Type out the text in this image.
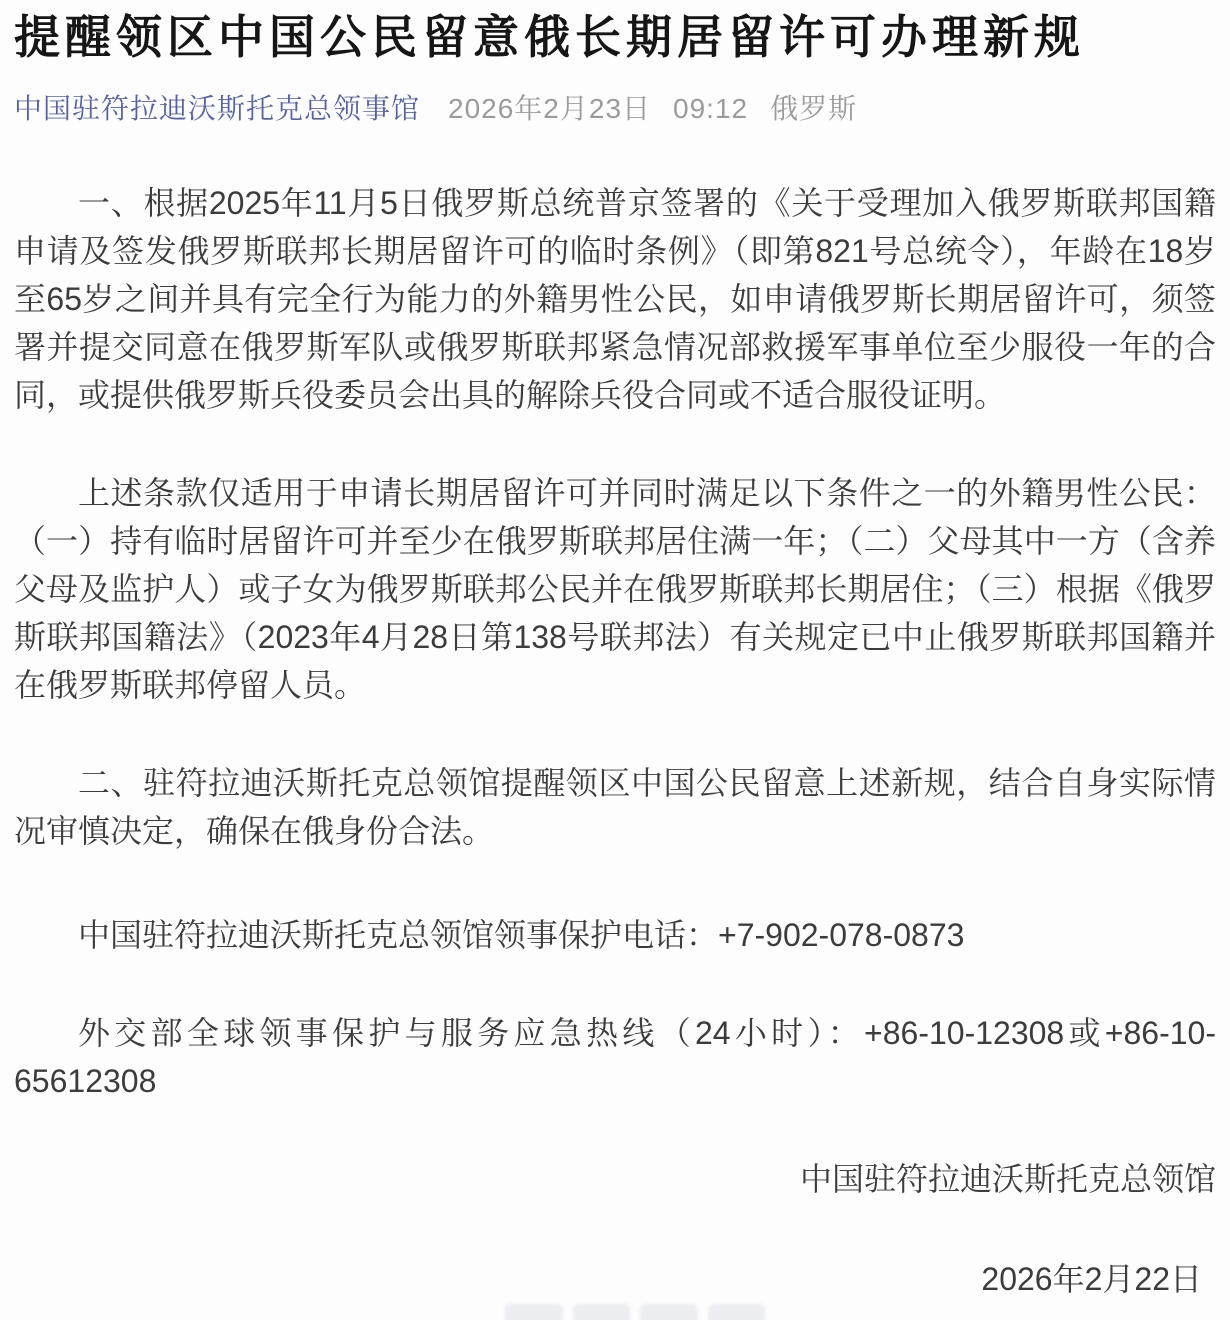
提醒领区中国公民留意俄长期居留许可办理新规
中国驻符拉迪沃斯托克总领事馆 2026年2月23日 09:12 俄罗斯

一、根据2025年11月5日俄罗斯总统普京签署的《关于受理加入俄罗斯联邦国籍申请及签发俄罗斯联邦长期居留许可的临时条例》（即第821号总统令），年龄在18岁至65岁之间并具有完全行为能力的外籍男性公民，如申请俄罗斯长期居留许可，须签署并提交同意在俄罗斯军队或俄罗斯联邦紧急情况部救援军事单位至少服役一年的合同，或提供俄罗斯兵役委员会出具的解除兵役合同或不适合服役证明。

上述条款仅适用于申请长期居留许可并同时满足以下条件之一的外籍男性公民：（一）持有临时居留许可并至少在俄罗斯联邦居住满一年；（二）父母其中一方（含养父母及监护人）或子女为俄罗斯联邦公民并在俄罗斯联邦长期居住；（三）根据《俄罗斯联邦国籍法》（2023年4月28日第138号联邦法）有关规定已中止俄罗斯联邦国籍并在俄罗斯联邦停留人员。

二、驻符拉迪沃斯托克总领馆提醒领区中国公民留意上述新规，结合自身实际情况审慎决定，确保在俄身份合法。

中国驻符拉迪沃斯托克总领馆领事保护电话：+7-902-078-0873

外交部全球领事保护与服务应急热线（24小时）：+86-10-12308或+86-10-65612308

中国驻符拉迪沃斯托克总领馆
2026年2月22日
